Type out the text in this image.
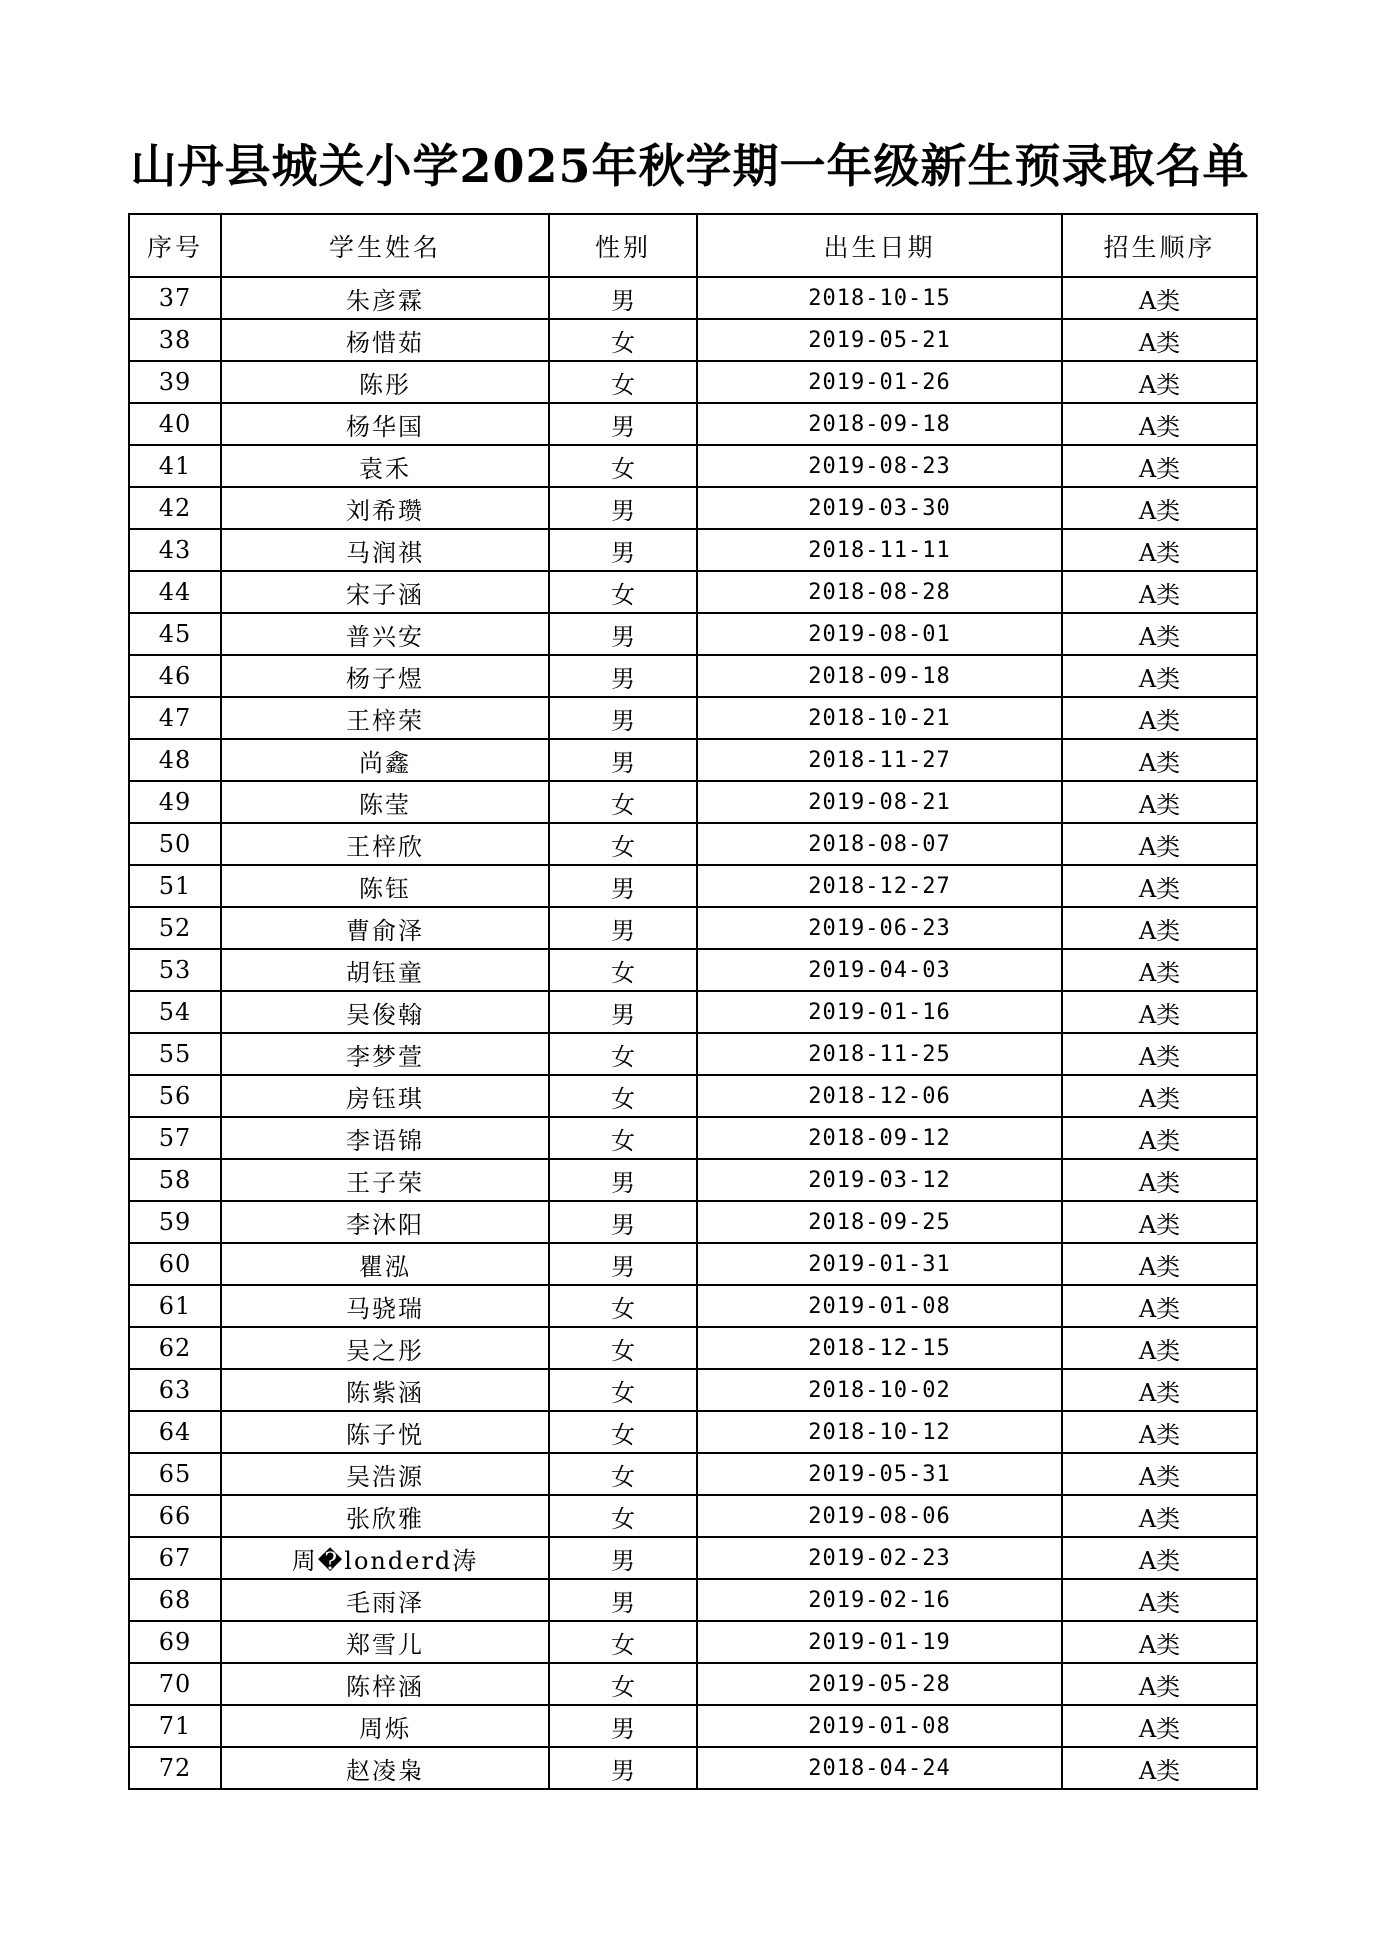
山丹县城关小学2025年秋学期一年级新生预录取名单
序号	学生姓名	性别	出生日期	招生顺序
37	朱彦霖	男	2018-10-15	A类
38	杨惜茹	女	2019-05-21	A类
39	陈彤	女	2019-01-26	A类
40	杨华国	男	2018-09-18	A类
41	袁禾	女	2019-08-23	A类
42	刘希瓒	男	2019-03-30	A类
43	马润祺	男	2018-11-11	A类
44	宋子涵	女	2018-08-28	A类
45	普兴安	男	2019-08-01	A类
46	杨子煜	男	2018-09-18	A类
47	王梓荣	男	2018-10-21	A类
48	尚鑫	男	2018-11-27	A类
49	陈莹	女	2019-08-21	A类
50	王梓欣	女	2018-08-07	A类
51	陈钰	男	2018-12-27	A类
52	曹俞泽	男	2019-06-23	A类
53	胡钰童	女	2019-04-03	A类
54	吴俊翰	男	2019-01-16	A类
55	李梦萱	女	2018-11-25	A类
56	房钰琪	女	2018-12-06	A类
57	李语锦	女	2018-09-12	A类
58	王子荣	男	2019-03-12	A类
59	李沐阳	男	2018-09-25	A类
60	瞿泓	男	2019-01-31	A类
61	马骁瑞	女	2019-01-08	A类
62	吴之彤	女	2018-12-15	A类
63	陈紫涵	女	2018-10-02	A类
64	陈子悦	女	2018-10-12	A类
65	吴浩源	女	2019-05-31	A类
66	张欣雅	女	2019-08-06	A类
67	周�londerd涛	男	2019-02-23	A类
68	毛雨泽	男	2019-02-16	A类
69	郑雪儿	女	2019-01-19	A类
70	陈梓涵	女	2019-05-28	A类
71	周烁	男	2019-01-08	A类
72	赵凌枭	男	2018-04-24	A类
